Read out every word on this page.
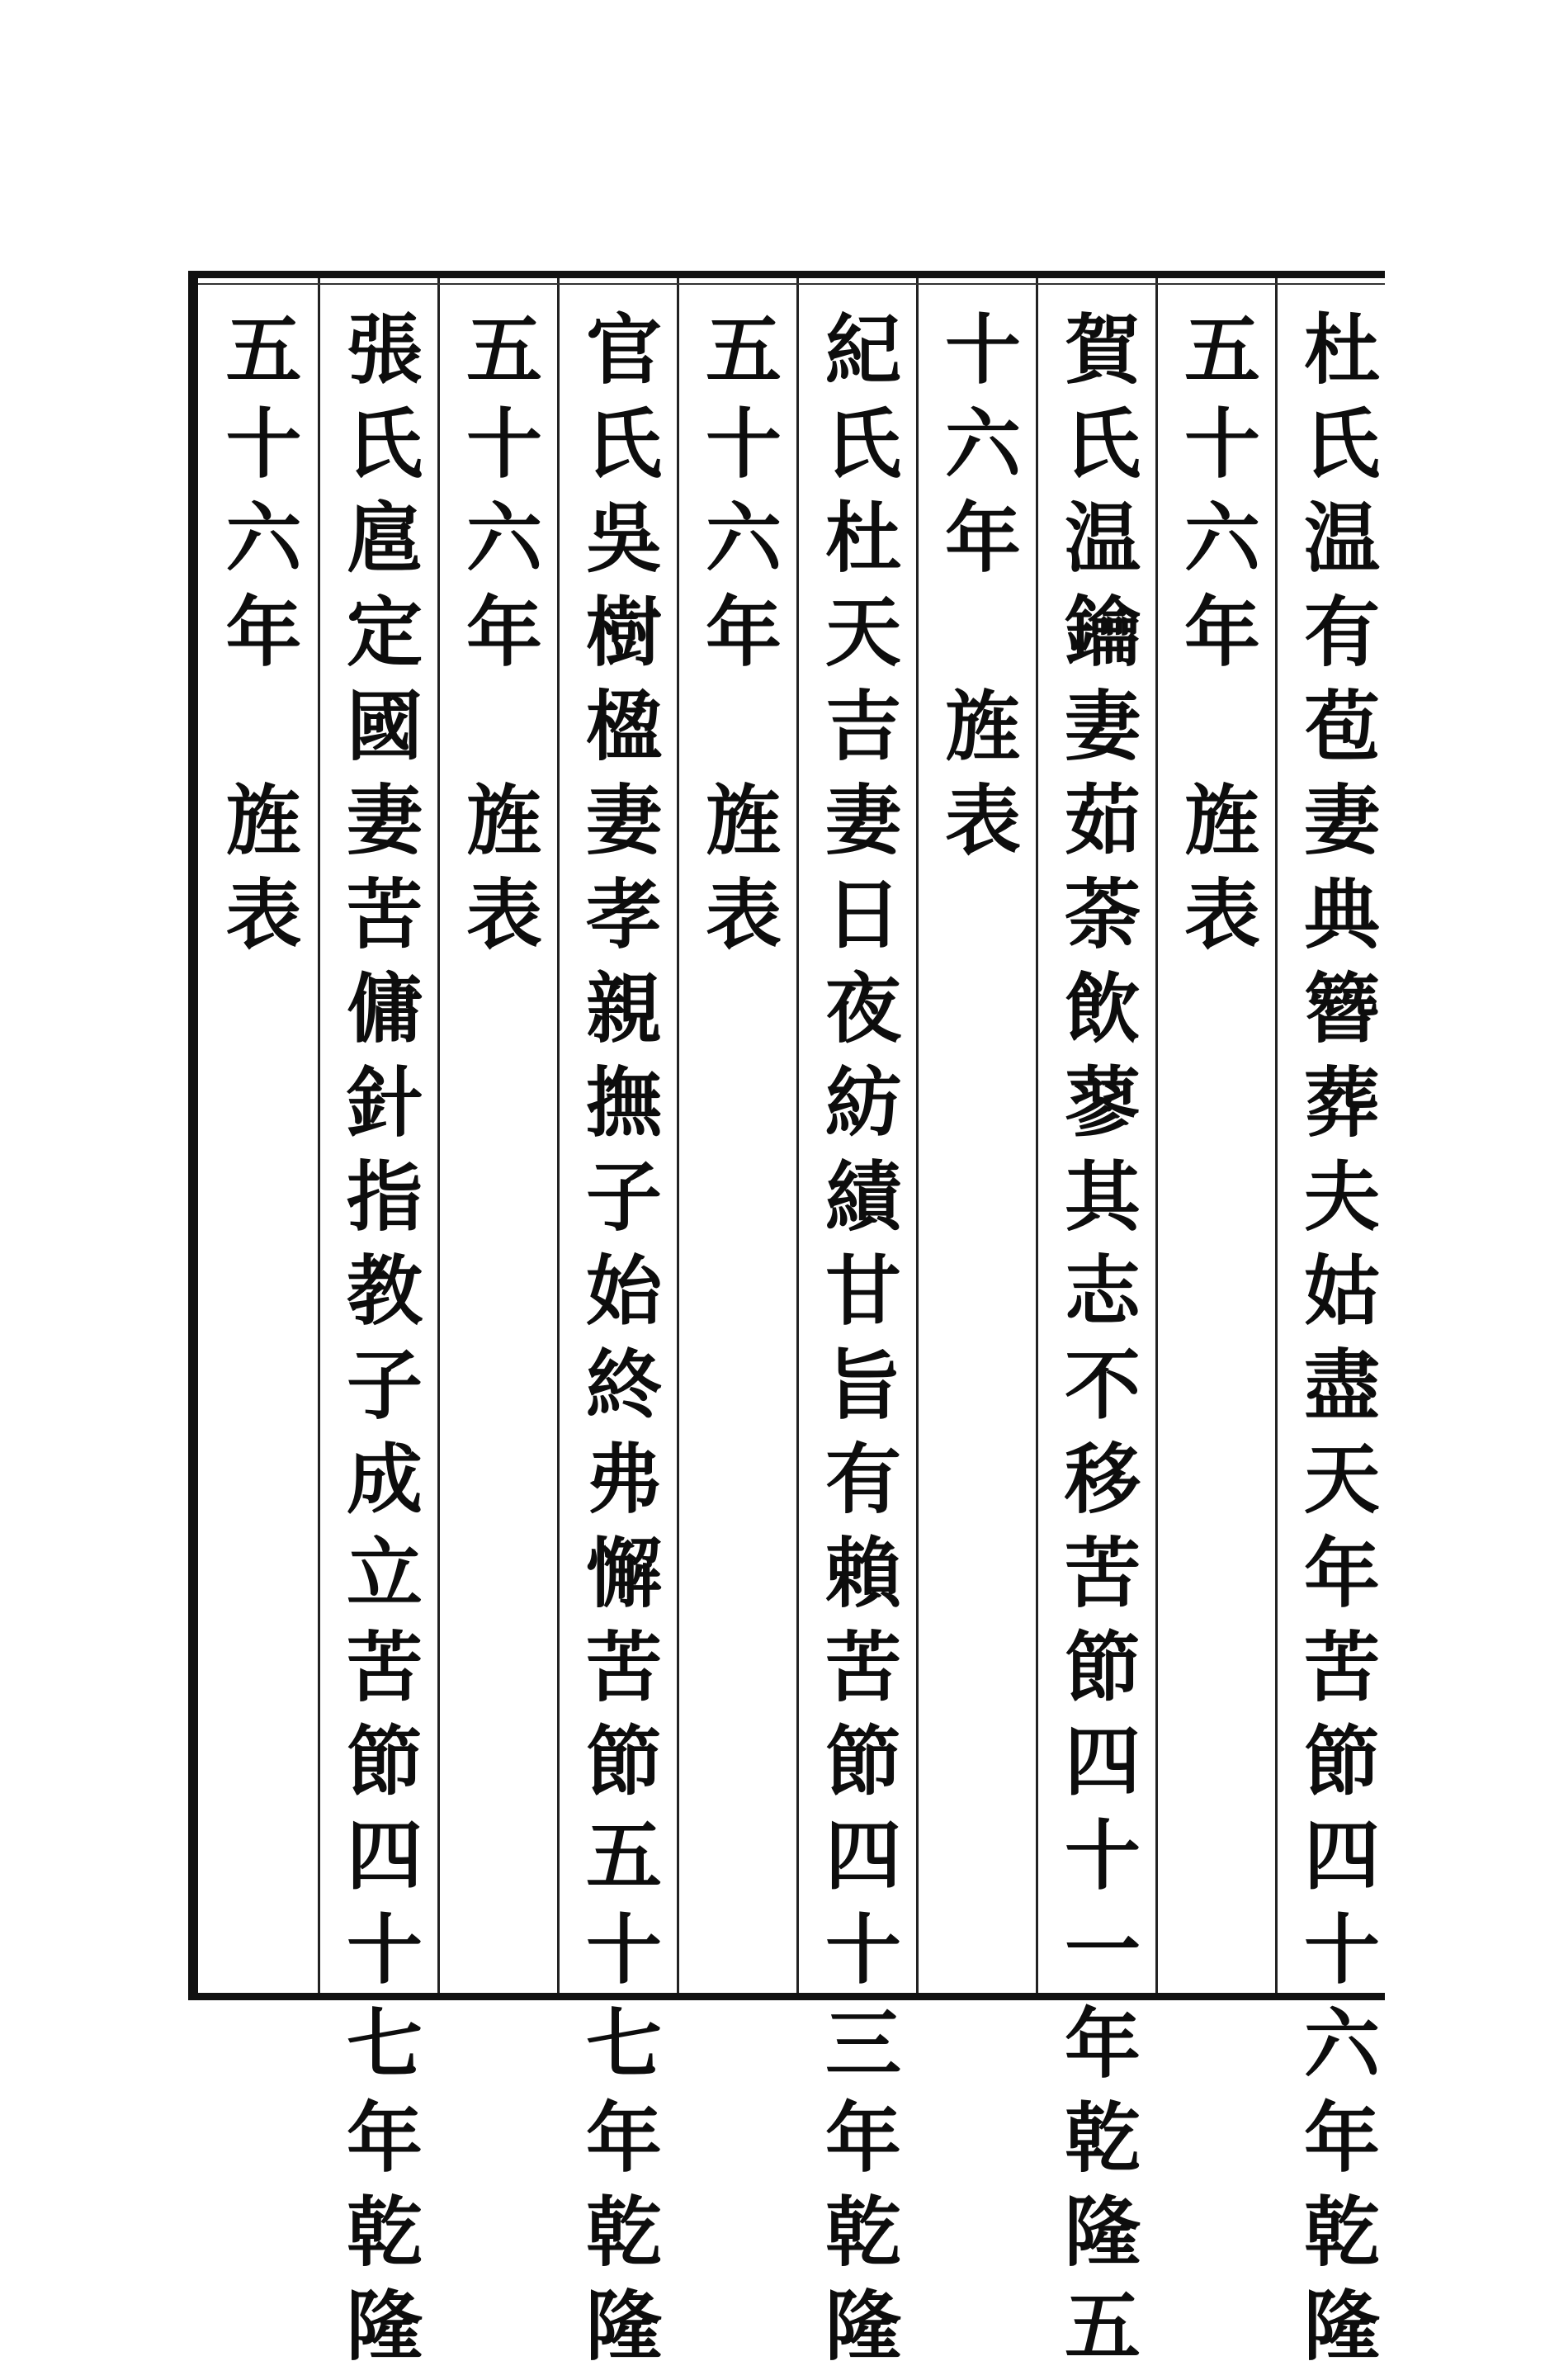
五十六年　旌表 張氏扈定國妻苦傭針指教子成立苦節四十七年乾隆 五十六年　旌表 官氏吳樹楹妻孝親撫子始終弗懈苦節五十七年乾隆 五十六年　旌表 紀氏杜天吉妻日夜紡績甘旨有賴苦節四十三年乾隆 十六年　旌表 賀氏温鑰妻茹荼飲蓼其志不移苦節四十一年乾隆五 五十六年　旌表 杜氏温有苞妻典簪葬夫姑盡天年苦節四十六年乾隆
